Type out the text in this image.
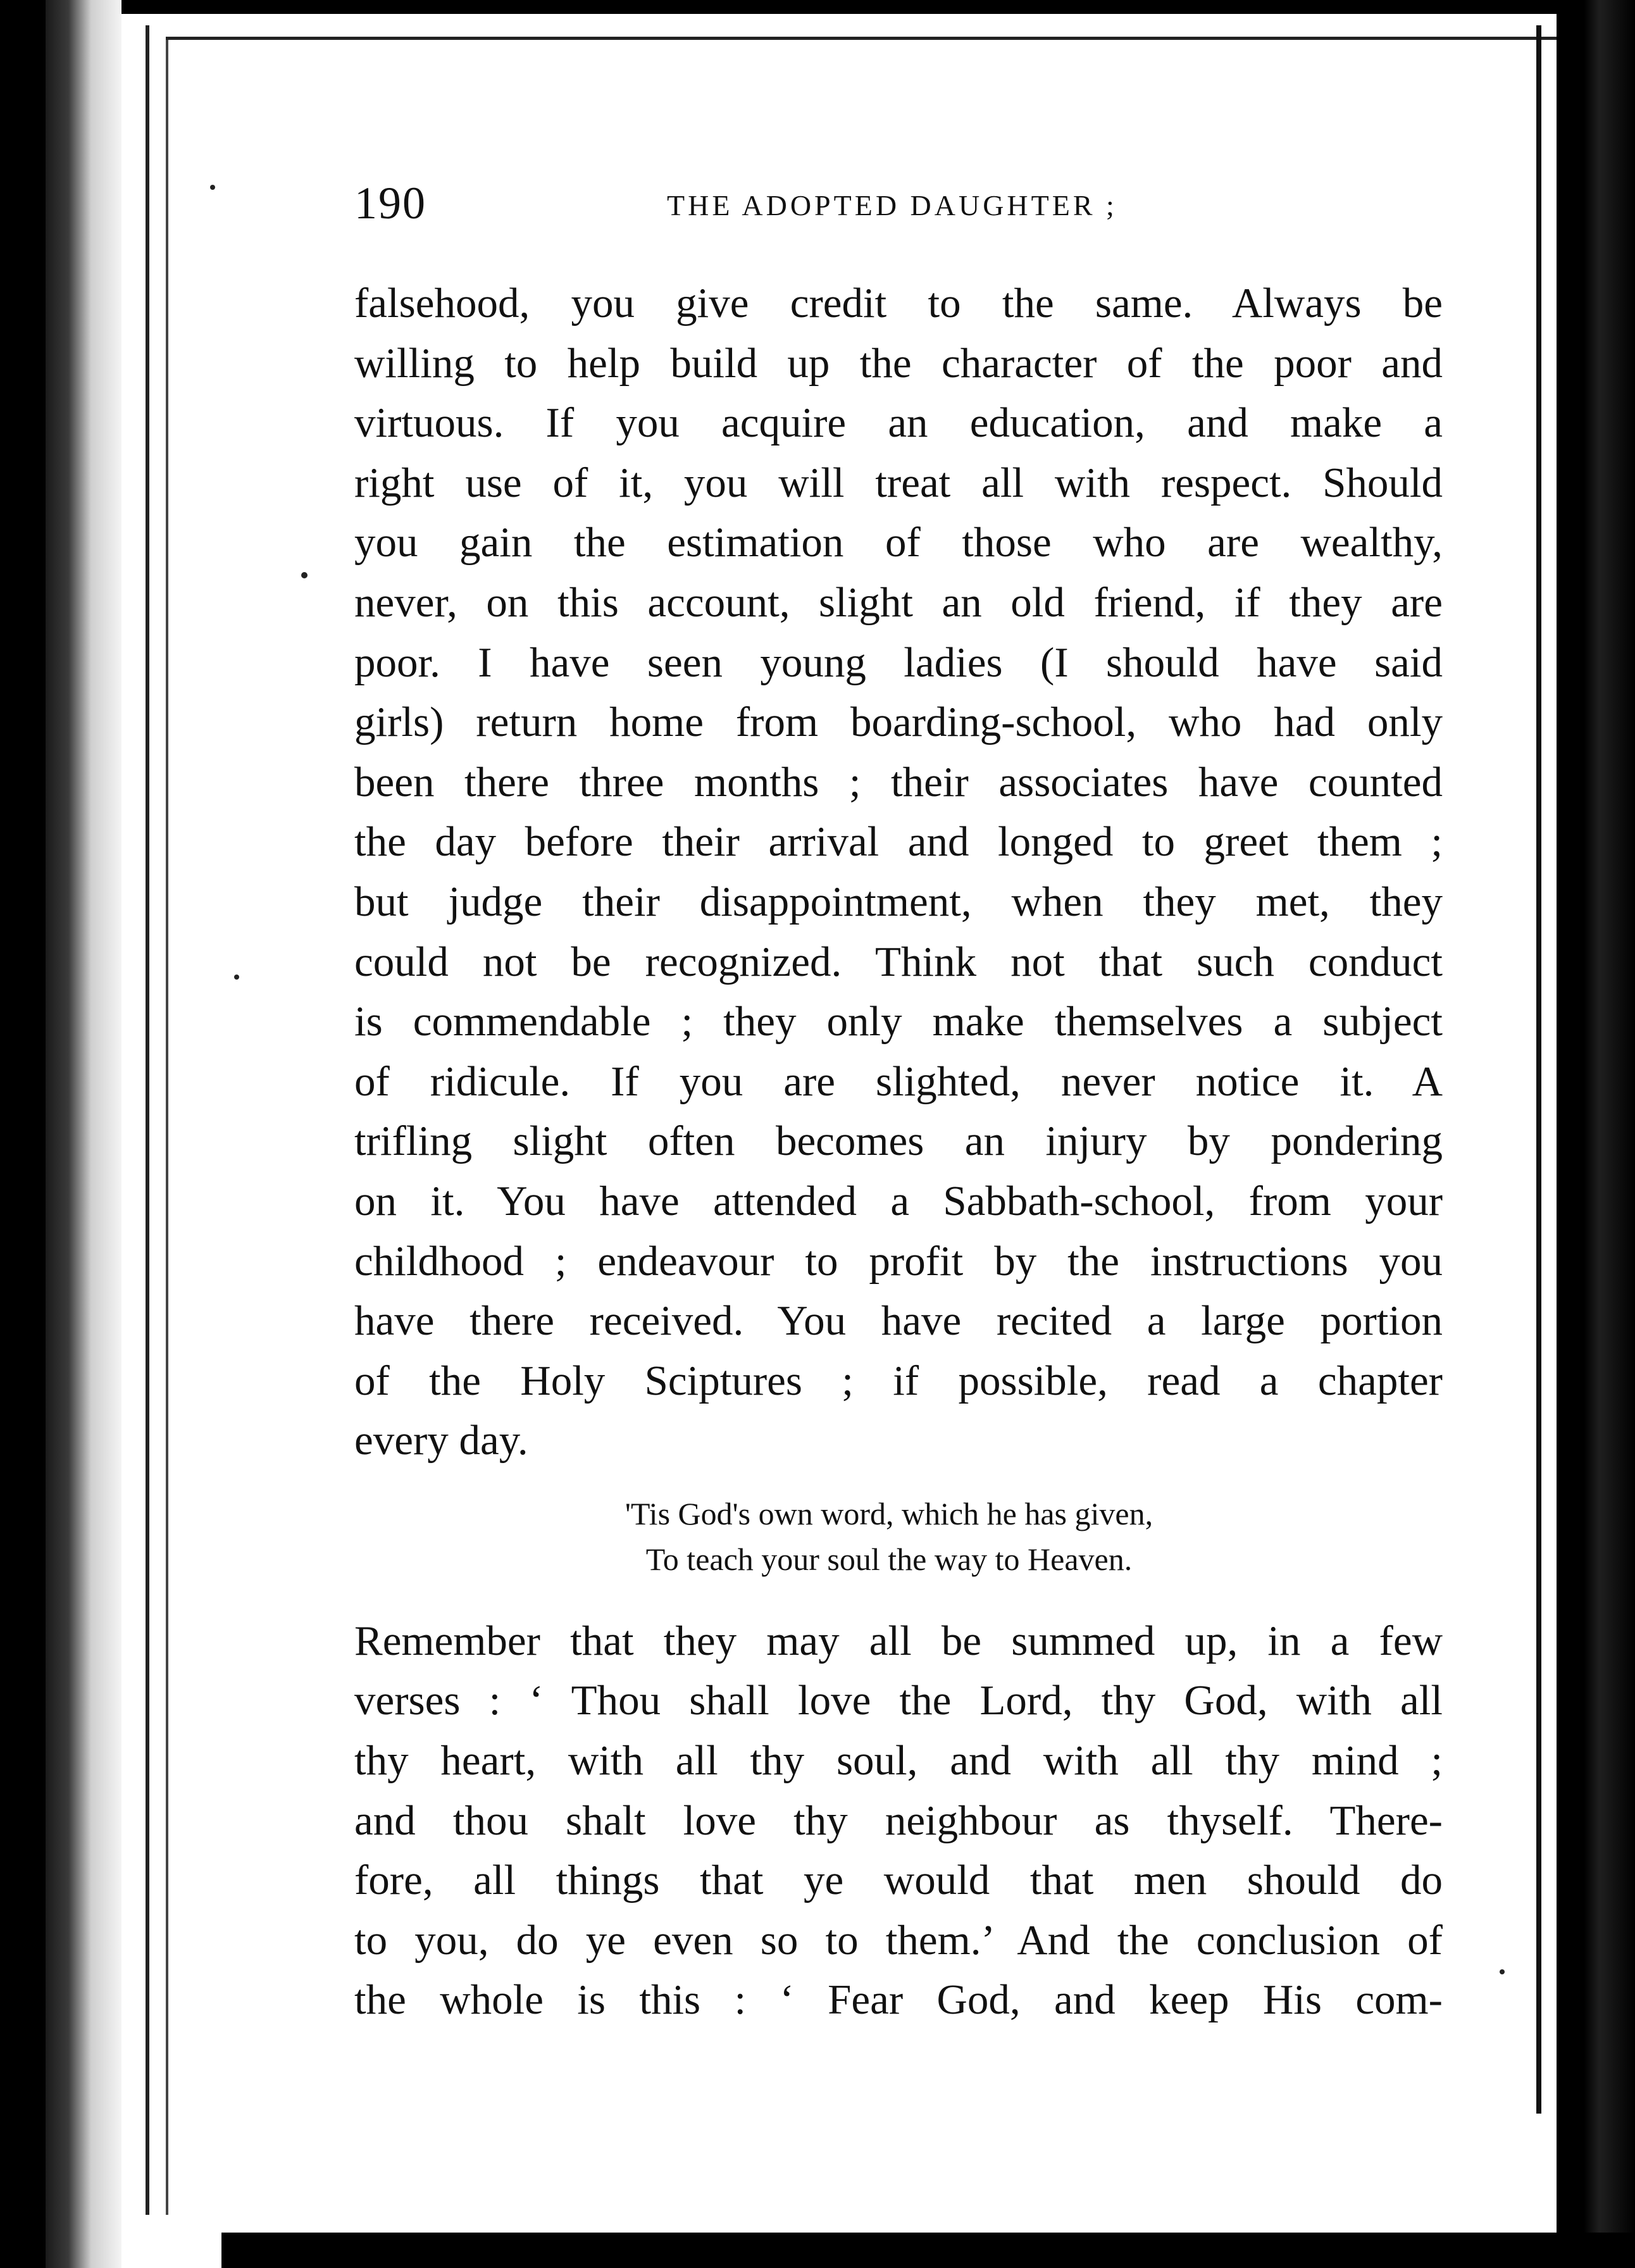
190	THE ADOPTED DAUGHTER ;
falsehood, you give credit to the same. Always be
willing to help build up the character of the poor and
virtuous. If you acquire an education, and make a
right use of it, you will treat all with respect. Should
you gain the estimation of those who are wealthy,
never, on this account, slight an old friend, if they are
poor. I have seen young ladies (I should have said
girls) return home from boarding-school, who had only
been there three months ; their associates have counted
the day before their arrival and longed to greet them ;
but judge their disappointment, when they met, they
could not be recognized. Think not that such conduct
is commendable ; they only make themselves a subject
of ridicule. If you are slighted, never notice it. A
trifling slight often becomes an injury by pondering
on it. You have attended a Sabbath-school, from your
childhood ; endeavour to profit by the instructions you
have there received. You have recited a large portion
of the Holy Sciptures ; if possible, read a chapter
every day.
'Tis God's own word, which he has given,
To teach your soul the way to Heaven.
Remember that they may all be summed up, in a few
verses : ‘ Thou shall love the Lord, thy God, with all
thy heart, with all thy soul, and with all thy mind ;
and thou shalt love thy neighbour as thyself. There-
fore, all things that ye would that men should do
to you, do ye even so to them.’ And the conclusion of
the whole is this : ‘ Fear God, and keep His com-
